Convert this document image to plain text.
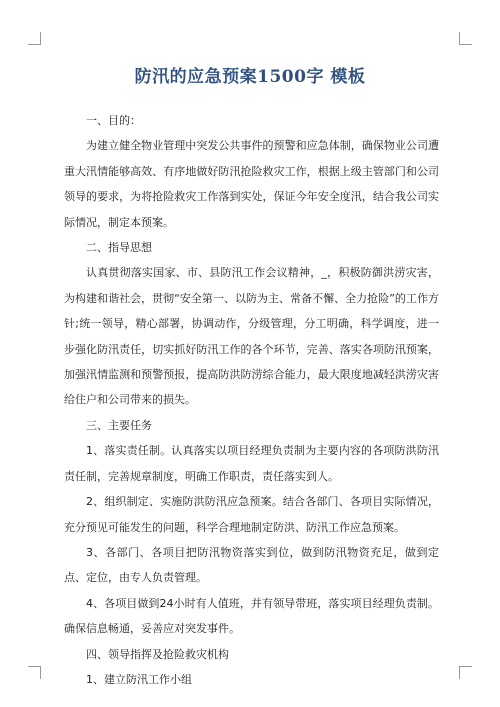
防汛的应急预案1500字 模板

一、目的：

为建立健全物业管理中突发公共事件的预警和应急体制，确保物业公司遭重大汛情能够高效、有序地做好防汛抢险救灾工作，根据上级主管部门和公司领导的要求，为将抢险救灾工作落到实处，保证今年安全度汛，结合我公司实际情况，制定本预案。

二、指导思想

认真贯彻落实国家、市、县防汛工作会议精神，_，积极防御洪涝灾害，为构建和谐社会，贯彻“安全第一、以防为主、常备不懈、全力抢险”的工作方针;统一领导，精心部署，协调动作，分级管理，分工明确，科学调度，进一步强化防汛责任，切实抓好防汛工作的各个环节，完善、落实各项防汛预案，加强汛情监测和预警预报，提高防洪防涝综合能力，最大限度地减轻洪涝灾害给住户和公司带来的损失。

三、主要任务

1、落实责任制。认真落实以项目经理负责制为主要内容的各项防洪防汛责任制，完善规章制度，明确工作职责，责任落实到人。

2、组织制定、实施防洪防汛应急预案。结合各部门、各项目实际情况，充分预见可能发生的问题，科学合理地制定防洪、防汛工作应急预案。

3、各部门、各项目把防汛物资落实到位，做到防汛物资充足，做到定点、定位，由专人负责管理。

4、各项目做到24小时有人值班，并有领导带班，落实项目经理负责制。确保信息畅通，妥善应对突发事件。

四、领导指挥及抢险救灾机构

1、建立防汛工作小组
